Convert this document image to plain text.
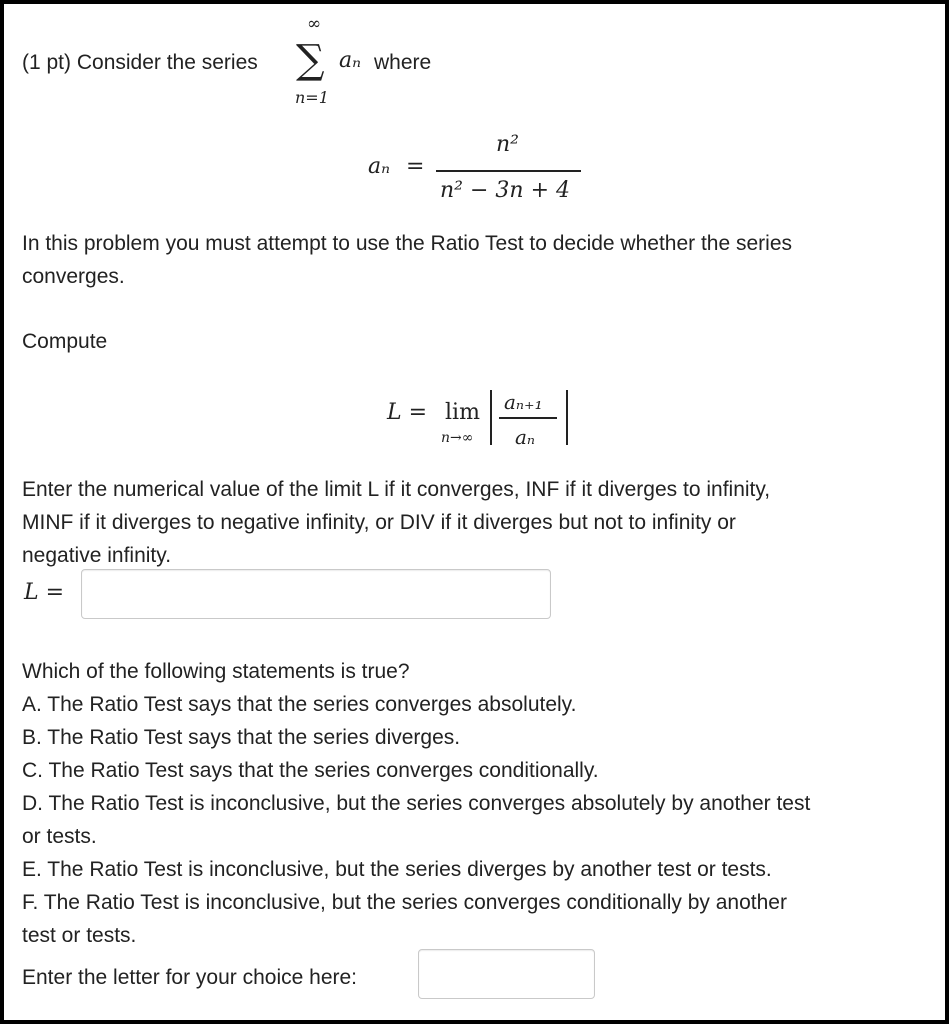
(1 pt) Consider the series
∞
∑
n=1
aₙ where
aₙ =
n²
n² − 3n + 4
In this problem you must attempt to use the Ratio Test to decide whether the series
converges.
Compute
L = lim
n→∞
aₙ₊₁
aₙ
Enter the numerical value of the limit L if it converges, INF if it diverges to infinity,
MINF if it diverges to negative infinity, or DIV if it diverges but not to infinity or
negative infinity.
L =
Which of the following statements is true?
A. The Ratio Test says that the series converges absolutely.
B. The Ratio Test says that the series diverges.
C. The Ratio Test says that the series converges conditionally.
D. The Ratio Test is inconclusive, but the series converges absolutely by another test
or tests.
E. The Ratio Test is inconclusive, but the series diverges by another test or tests.
F. The Ratio Test is inconclusive, but the series converges conditionally by another
test or tests.
Enter the letter for your choice here:
